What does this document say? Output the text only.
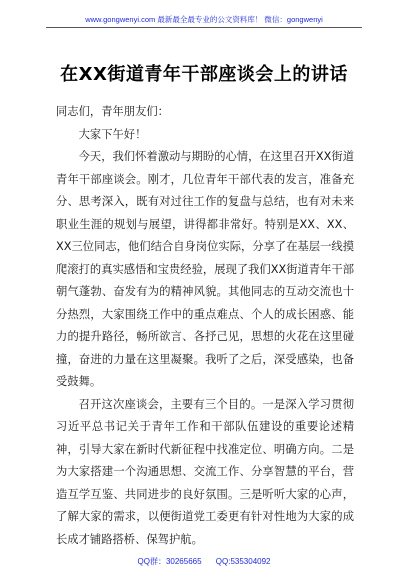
www.gongwenyi.com 最新最全最专业的公文资料库！ 微信：gongwenyi
在XX街道青年干部座谈会上的讲话

同志们，青年朋友们：

大家下午好！

今天，我们怀着激动与期盼的心情，在这里召开XX街道青年干部座谈会。刚才，几位青年干部代表的发言，准备充分、思考深入，既有对过往工作的复盘与总结，也有对未来职业生涯的规划与展望，讲得都非常好。特别是XX、XX、XX三位同志，他们结合自身岗位实际，分享了在基层一线摸爬滚打的真实感悟和宝贵经验，展现了我们XX街道青年干部朝气蓬勃、奋发有为的精神风貌。其他同志的互动交流也十分热烈，大家围绕工作中的重点难点、个人的成长困惑、能力的提升路径，畅所欲言、各抒己见，思想的火花在这里碰撞，奋进的力量在这里凝聚。我听了之后，深受感染，也备受鼓舞。

召开这次座谈会，主要有三个目的。一是深入学习贯彻习近平总书记关于青年工作和干部队伍建设的重要论述精神，引导大家在新时代新征程中找准定位、明确方向。二是为大家搭建一个沟通思想、交流工作、分享智慧的平台，营造互学互鉴、共同进步的良好氛围。三是听听大家的心声，了解大家的需求，以便街道党工委更有针对性地为大家的成长成才铺路搭桥、保驾护航。

QQ群：30265665 QQ:535304092
